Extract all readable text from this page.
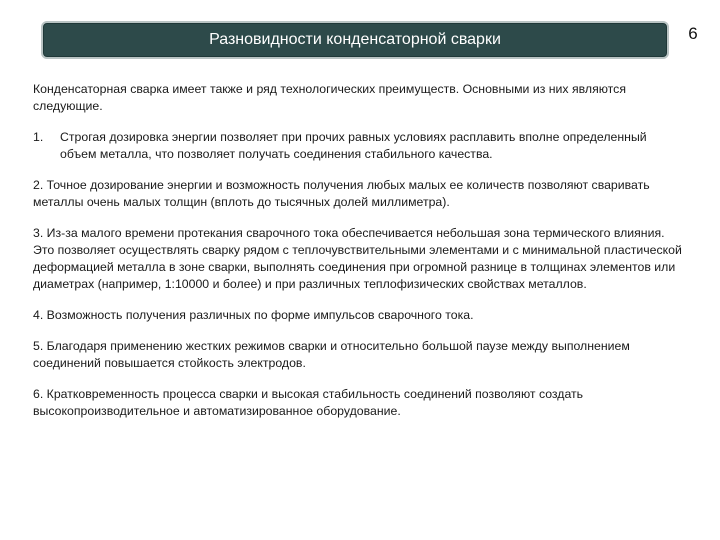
Разновидности конденсаторной сварки	6

Конденсаторная сварка имеет также и ряд технологических преимуществ. Основными из них являются следующие.

1.	Строгая дозировка энергии позволяет при прочих равных условиях расплавить вполне определенный объем металла, что позволяет получать соединения стабильного качества.

2. Точное дозирование энергии и возможность получения любых малых ее количеств позволяют сваривать металлы очень малых толщин (вплоть до тысячных долей миллиметра).

3. Из-за малого времени протекания сварочного тока обеспечивается небольшая зона термического влияния. Это позволяет осуществлять сварку рядом с теплочувствительными элементами и с минимальной пластической деформацией металла в зоне сварки, выполнять соединения при огромной разнице в толщинах элементов или диаметрах (например, 1:10000 и более) и при различных теплофизических свойствах металлов.

4. Возможность получения различных по форме импульсов сварочного тока.

5. Благодаря применению жестких режимов сварки и относительно большой паузе между выполнением соединений повышается стойкость электродов.

6. Кратковременность процесса сварки и высокая стабильность соединений позволяют создать высокопроизводительное и автоматизированное оборудование.
